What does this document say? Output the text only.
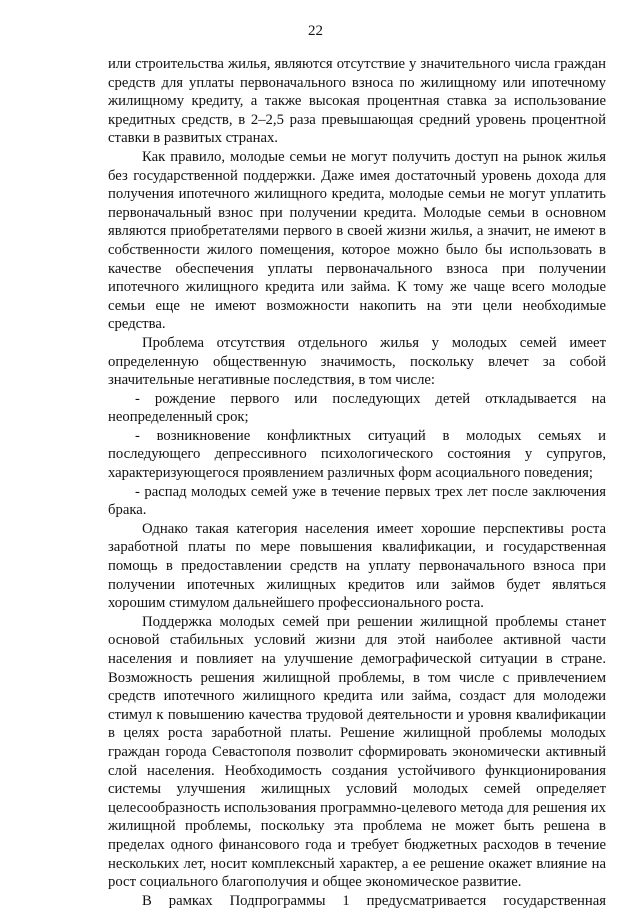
22

или строительства жилья, являются отсутствие у значительного числа граждан средств для уплаты первоначального взноса по жилищному или ипотечному жилищному кредиту, а также высокая процентная ставка за использование кредитных средств, в 2–2,5 раза превышающая средний уровень процентной ставки в развитых странах.

Как правило, молодые семьи не могут получить доступ на рынок жилья без государственной поддержки. Даже имея достаточный уровень дохода для получения ипотечного жилищного кредита, молодые семьи не могут уплатить первоначальный взнос при получении кредита. Молодые семьи в основном являются приобретателями первого в своей жизни жилья, а значит, не имеют в собственности жилого помещения, которое можно было бы использовать в качестве обеспечения уплаты первоначального взноса при получении ипотечного жилищного кредита или займа. К тому же чаще всего молодые семьи еще не имеют возможности накопить на эти цели необходимые средства.

Проблема отсутствия отдельного жилья у молодых семей имеет определенную общественную значимость, поскольку влечет за собой значительные негативные последствия, в том числе:

- рождение первого или последующих детей откладывается на неопределенный срок;

- возникновение конфликтных ситуаций в молодых семьях и последующего депрессивного психологического состояния у супругов, характеризующегося проявлением различных форм асоциального поведения;

- распад молодых семей уже в течение первых трех лет после заключения брака.

Однако такая категория населения имеет хорошие перспективы роста заработной платы по мере повышения квалификации, и государственная помощь в предоставлении средств на уплату первоначального взноса при получении ипотечных жилищных кредитов или займов будет являться хорошим стимулом дальнейшего профессионального роста.

Поддержка молодых семей при решении жилищной проблемы станет основой стабильных условий жизни для этой наиболее активной части населения и повлияет на улучшение демографической ситуации в стране. Возможность решения жилищной проблемы, в том числе с привлечением средств ипотечного жилищного кредита или займа, создаст для молодежи стимул к повышению качества трудовой деятельности и уровня квалификации в целях роста заработной платы. Решение жилищной проблемы молодых граждан города Севастополя позволит сформировать экономически активный слой населения. Необходимость создания устойчивого функционирования системы улучшения жилищных условий молодых семей определяет целесообразность использования программно-целевого метода для решения их жилищной проблемы, поскольку эта проблема не может быть решена в пределах одного финансового года и требует бюджетных расходов в течение нескольких лет, носит комплексный характер, а ее решение окажет влияние на рост социального благополучия и общее экономическое развитие.

В рамках Подпрограммы 1 предусматривается государственная
